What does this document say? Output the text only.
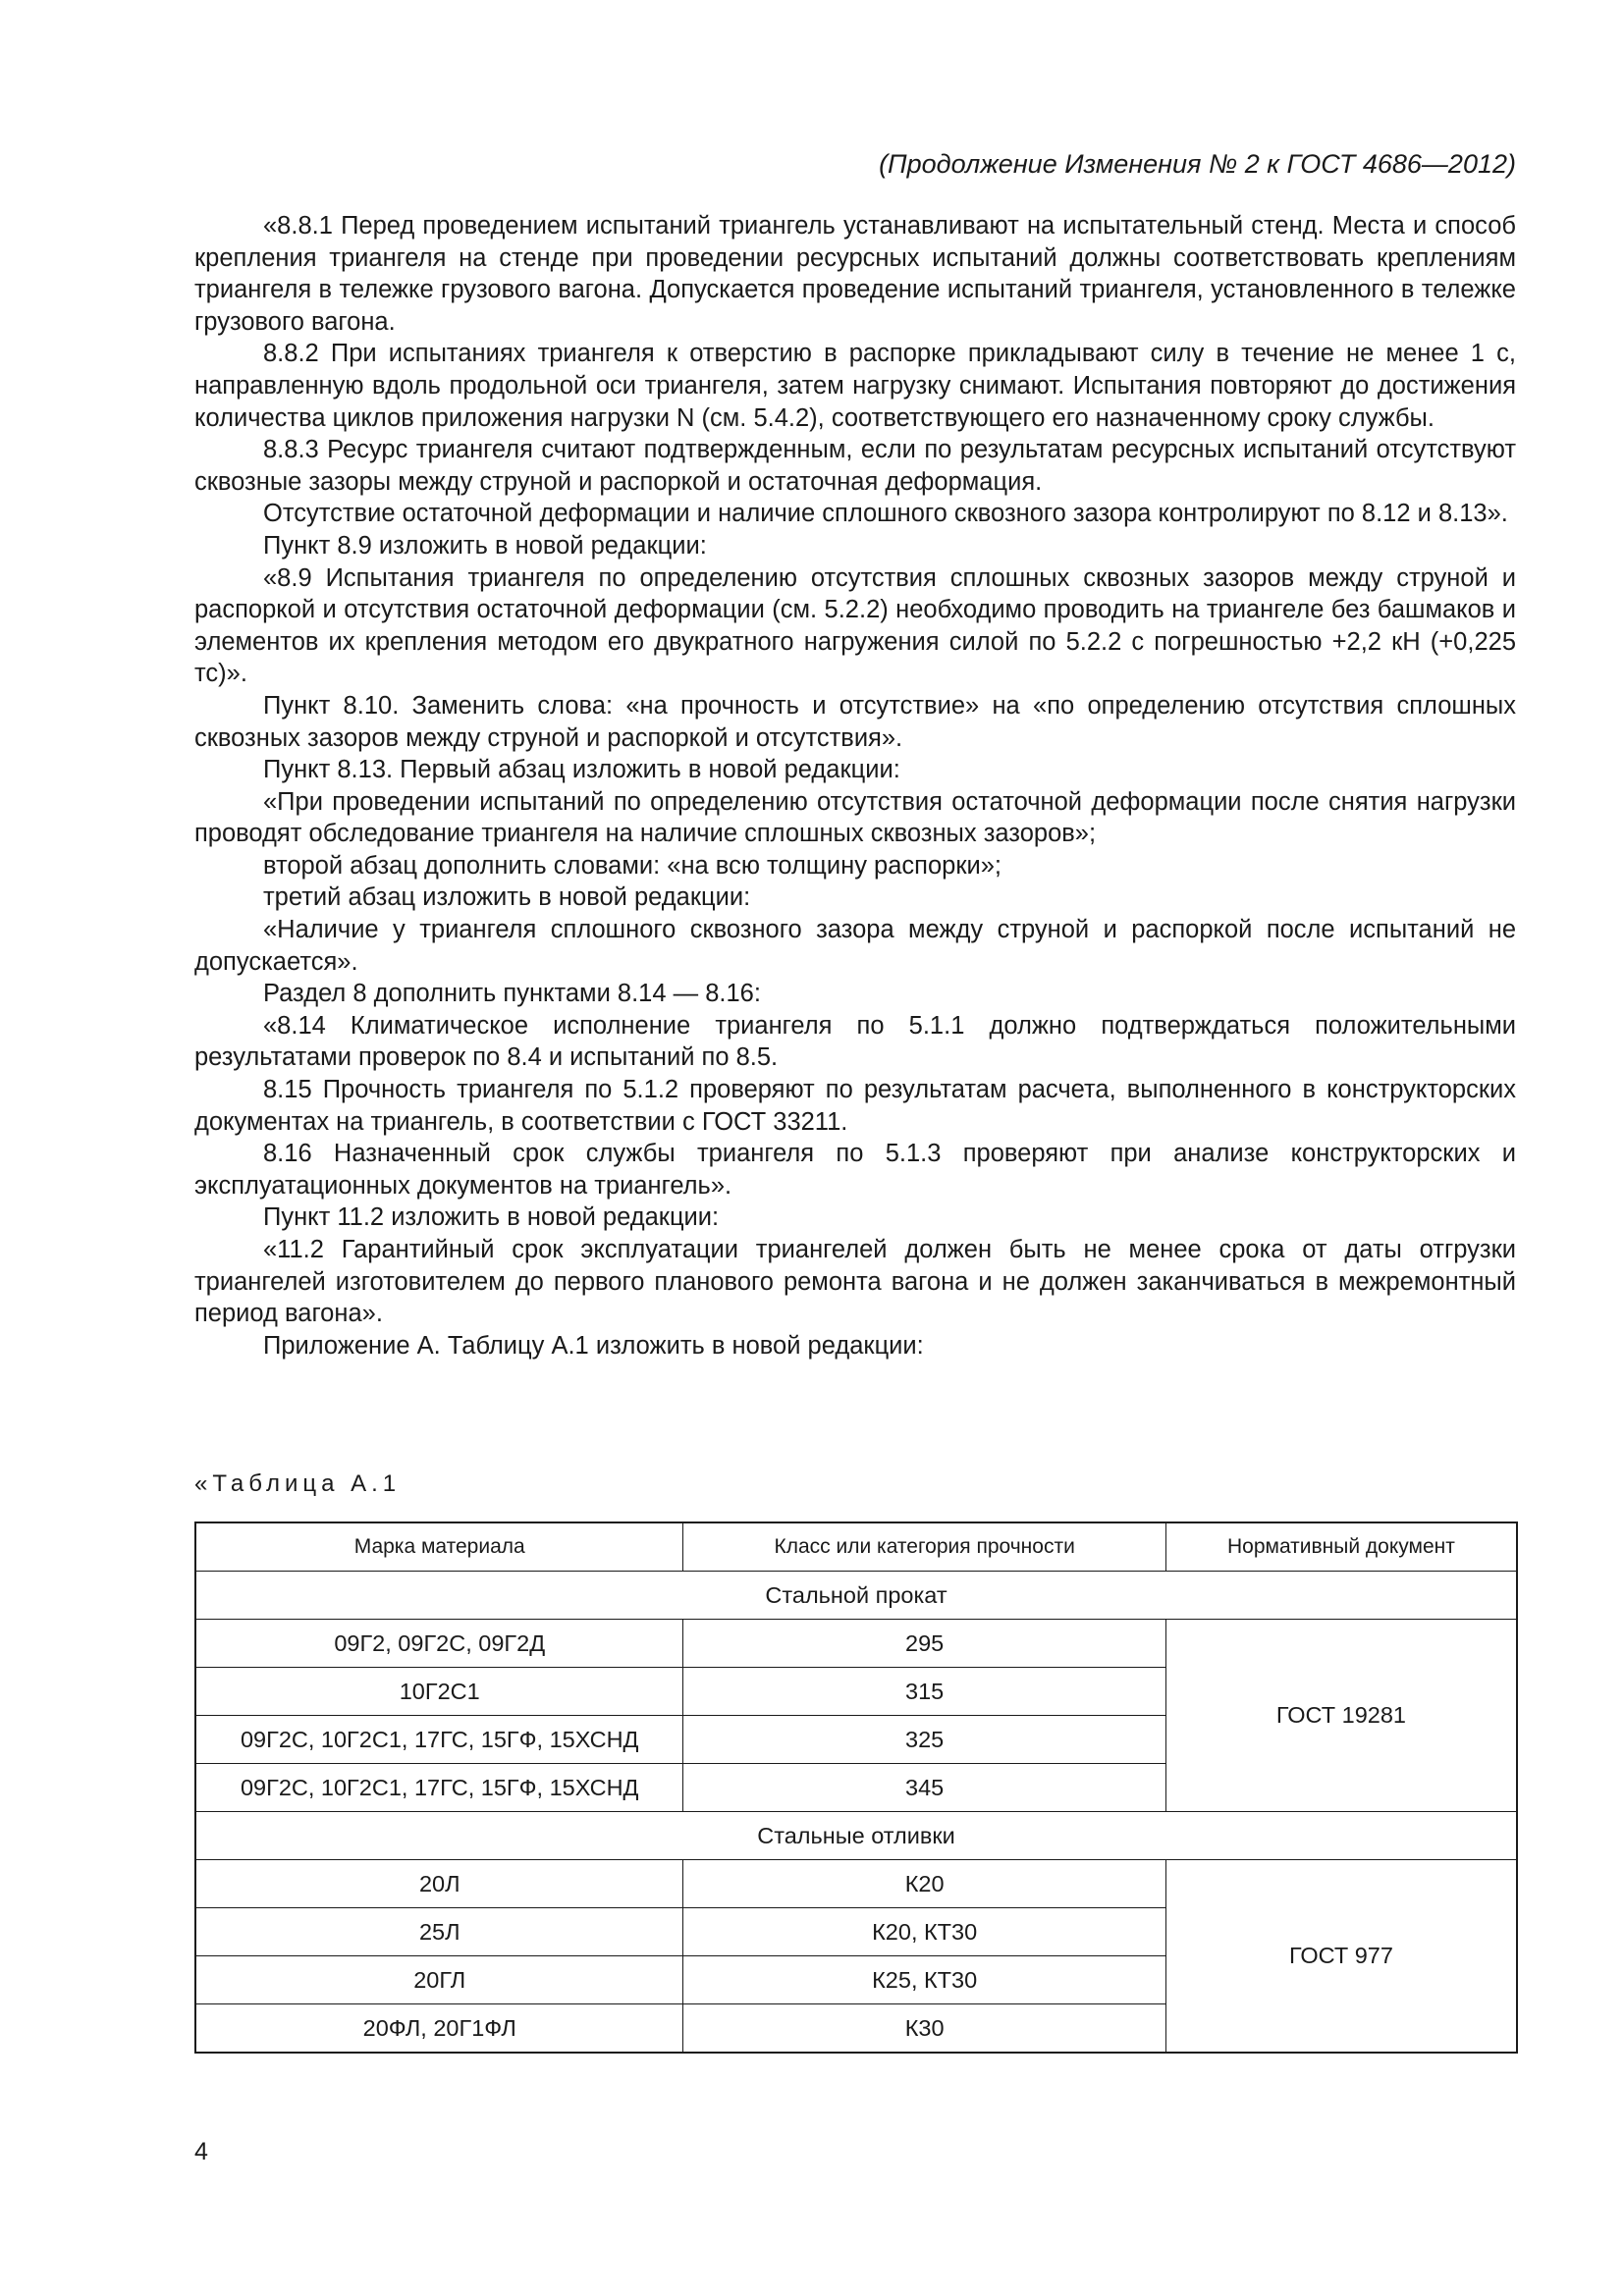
(Продолжение Изменения № 2 к ГОСТ 4686—2012)

«8.8.1 Перед проведением испытаний триангель устанавливают на испытательный стенд. Места и способ крепления триангеля на стенде при проведении ресурсных испытаний должны соответствовать креплениям триангеля в тележке грузового вагона. Допускается проведение испытаний триангеля, установленного в тележке грузового вагона.

8.8.2 При испытаниях триангеля к отверстию в распорке прикладывают силу в течение не менее 1 с, направленную вдоль продольной оси триангеля, затем нагрузку снимают. Испытания повторяют до достижения количества циклов приложения нагрузки N (см. 5.4.2), соответствующего его назначенному сроку службы.

8.8.3 Ресурс триангеля считают подтвержденным, если по результатам ресурсных испытаний отсутствуют сквозные зазоры между струной и распоркой и остаточная деформация.

Отсутствие остаточной деформации и наличие сплошного сквозного зазора контролируют по 8.12 и 8.13».

Пункт 8.9 изложить в новой редакции:

«8.9 Испытания триангеля по определению отсутствия сплошных сквозных зазоров между струной и распоркой и отсутствия остаточной деформации (см. 5.2.2) необходимо проводить на триангеле без башмаков и элементов их крепления методом его двукратного нагружения силой по 5.2.2 с погрешностью +2,2 кН (+0,225 тс)».

Пункт 8.10. Заменить слова: «на прочность и отсутствие» на «по определению отсутствия сплошных сквозных зазоров между струной и распоркой и отсутствия».

Пункт 8.13. Первый абзац изложить в новой редакции:

«При проведении испытаний по определению отсутствия остаточной деформации после снятия нагрузки проводят обследование триангеля на наличие сплошных сквозных зазоров»;

второй абзац дополнить словами: «на всю толщину распорки»;

третий абзац изложить в новой редакции:

«Наличие у триангеля сплошного сквозного зазора между струной и распоркой после испытаний не допускается».

Раздел 8 дополнить пунктами 8.14 — 8.16:

«8.14 Климатическое исполнение триангеля по 5.1.1 должно подтверждаться положительными результатами проверок по 8.4 и испытаний по 8.5.

8.15 Прочность триангеля по 5.1.2 проверяют по результатам расчета, выполненного в конструкторских документах на триангель, в соответствии с ГОСТ 33211.

8.16 Назначенный срок службы триангеля по 5.1.3 проверяют при анализе конструкторских и эксплуатационных документов на триангель».

Пункт 11.2 изложить в новой редакции:

«11.2 Гарантийный срок эксплуатации триангелей должен быть не менее срока от даты отгрузки триангелей изготовителем до первого планового ремонта вагона и не должен заканчиваться в межремонтный период вагона».

Приложение А. Таблицу А.1 изложить в новой редакции:

«Таблица А.1
Марка материала	Класс или категория прочности	Нормативный документ
Стальной прокат		
09Г2, 09Г2С, 09Г2Д	295	ГОСТ 19281
10Г2С1	315	
09Г2С, 10Г2С1, 17ГС, 15ГФ, 15ХСНД	325	
09Г2С, 10Г2С1, 17ГС, 15ГФ, 15ХСНД	345	
Стальные отливки		
20Л	К20	ГОСТ 977
25Л	К20, КТ30	
20ГЛ	К25, КТ30	
20ФЛ, 20Г1ФЛ	К30	
4
